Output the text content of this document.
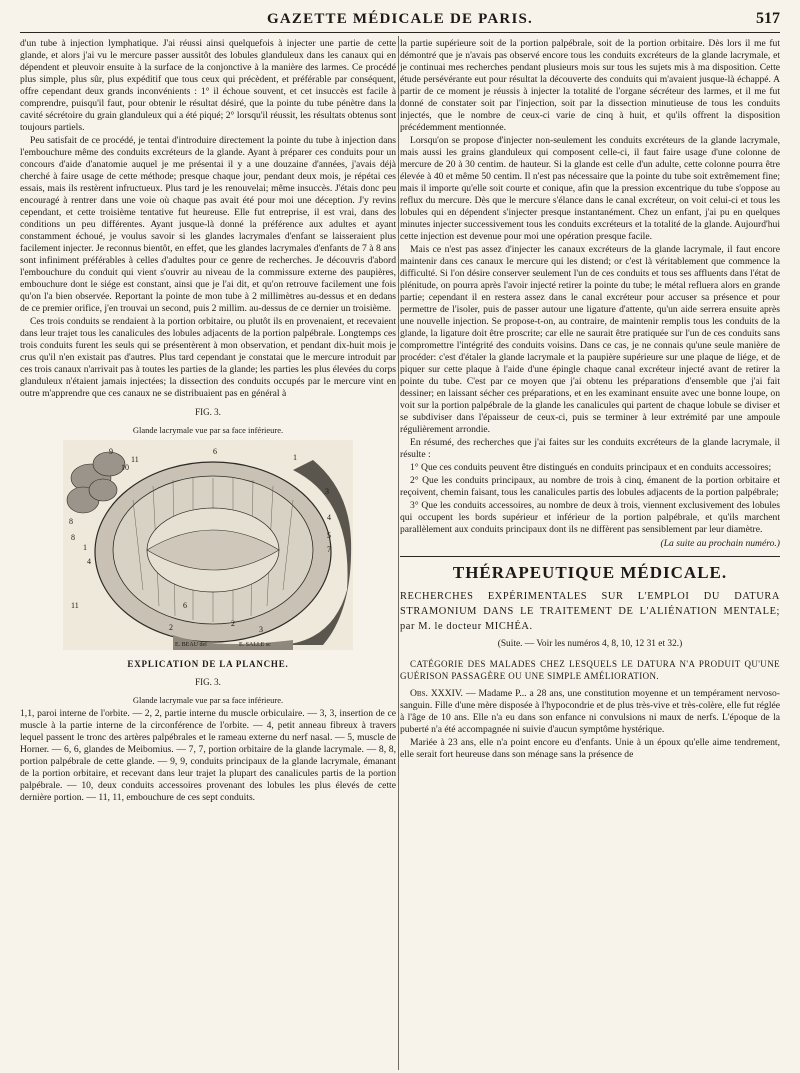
GAZETTE MÉDICALE DE PARIS.	517

d'un tube à injection lymphatique. J'ai réussi ainsi quelquefois à injecter une partie de cette glande, et alors j'ai vu le mercure passer aussitôt des lobules glanduleux dans les canaux qui en dépendent et pleuvoir ensuite à la surface de la conjonctive à la manière des larmes. Ce procédé plus simple, plus sûr, plus expéditif que tous ceux qui précèdent, et préférable par conséquent, offre cependant deux grands inconvénients : 1° il échoue souvent, et cet insuccès est facile à comprendre, puisqu'il faut, pour obtenir le résultat désiré, que la pointe du tube pénètre dans la cavité sécrétoire du grain glanduleux qui a été piqué; 2° lorsqu'il réussit, les résultats obtenus sont toujours partiels.

Peu satisfait de ce procédé, je tentai d'introduire directement la pointe du tube à injection dans l'embouchure même des conduits excréteurs de la glande. Ayant à préparer ces conduits pour un concours d'aide d'anatomie auquel je me présentai il y a une douzaine d'années, j'avais déjà cherché à faire usage de cette méthode; presque chaque jour, pendant deux mois, je répétai ces essais, mais ils restèrent infructueux. Plus tard je les renouvelai; même insuccès. J'étais donc peu encouragé à rentrer dans une voie où chaque pas avait été pour moi une déception. J'y revins cependant, et cette troisième tentative fut heureuse. Elle fut entreprise, il est vrai, dans des conditions un peu différentes. Ayant jusque-là donné la préférence aux adultes et ayant constamment échoué, je voulus savoir si les glandes lacrymales d'enfant se laisseraient plus facilement injecter. Je reconnus bientôt, en effet, que les glandes lacrymales d'enfants de 7 à 8 ans sont infiniment préférables à celles d'adultes pour ce genre de recherches. Je découvris d'abord l'embouchure du conduit qui vient s'ouvrir au niveau de la commissure externe des paupières, embouchure dont le siége est constant, ainsi que je l'ai dit, et qu'on retrouve facilement une fois qu'on l'a bien observée. Reportant la pointe de mon tube à 2 millimètres au-dessus et en dedans de ce premier orifice, j'en trouvai un second, puis 2 millim. au-dessus de ce dernier un troisième.

Ces trois conduits se rendaient à la portion orbitaire, ou plutôt ils en provenaient, et recevaient dans leur trajet tous les canalicules des lobules adjacents de la portion palpébrale. Longtemps ces trois conduits furent les seuls qui se présentèrent à mon observation, et pendant dix-huit mois je crus qu'il n'en existait pas d'autres. Plus tard cependant je constatai que le mercure introduit par ces trois canaux n'arrivait pas à toutes les parties de la glande; les parties les plus élevées du corps glanduleux n'étaient jamais injectées; la dissection des conduits occupés par le mercure vint en outre m'apprendre que ces canaux ne se distribuaient pas en général à

FIG. 3.
Glande lacrymale vue par sa face inférieure.
9
8
10
11
6
1
3
4
5
7
6
2
11
4
1
2
3
8
E. BEAU del	E. SALLE sc
EXPLICATION DE LA PLANCHE.
FIG. 3.
Glande lacrymale vue par sa face inférieure.

1,1, paroi interne de l'orbite. — 2, 2, partie interne du muscle orbiculaire. — 3, 3, insertion de ce muscle à la partie interne de la circonférence de l'orbite. — 4, petit anneau fibreux à travers lequel passent le tronc des artères palpébrales et le rameau externe du nerf nasal. — 5, muscle de Horner. — 6, 6, glandes de Meibomius. — 7, 7, portion orbitaire de la glande lacrymale. — 8, 8, portion palpébrale de cette glande. — 9, 9, conduits principaux de la glande lacrymale, émanant de la portion orbitaire, et recevant dans leur trajet la plupart des canalicules partis de la portion palpébrale. — 10, deux conduits accessoires provenant des lobules les plus élevés de cette dernière portion. — 11, 11, embouchure de ces sept conduits.

la partie supérieure soit de la portion palpébrale, soit de la portion orbitaire. Dès lors il me fut démontré que je n'avais pas observé encore tous les conduits excréteurs de la glande lacrymale, et je continuai mes recherches pendant plusieurs mois sur tous les sujets mis à ma disposition. Cette étude persévérante eut pour résultat la découverte des conduits qui m'avaient jusque-là échappé. A partir de ce moment je réussis à injecter la totalité de l'organe sécréteur des larmes, et il me fut donné de constater soit par l'injection, soit par la dissection minutieuse de tous les conduits injectés, que le nombre de ceux-ci varie de cinq à huit, et qu'ils offrent la disposition précédemment mentionnée.

Lorsqu'on se propose d'injecter non-seulement les conduits excréteurs de la glande lacrymale, mais aussi les grains glanduleux qui composent celle-ci, il faut faire usage d'une colonne de mercure de 20 à 30 centim. de hauteur. Si la glande est celle d'un adulte, cette colonne pourra être élevée à 40 et même 50 centim. Il n'est pas nécessaire que la pointe du tube soit extrêmement fine; mais il importe qu'elle soit courte et conique, afin que la pression excentrique du tube s'oppose au reflux du mercure. Dès que le mercure s'élance dans le canal excréteur, on voit celui-ci et tous les lobules qui en dépendent s'injecter presque instantanément. Chez un enfant, j'ai pu en quelques minutes injecter successivement tous les conduits excréteurs et la totalité de la glande. Aujourd'hui cette injection est devenue pour moi une opération presque facile.

Mais ce n'est pas assez d'injecter les canaux excréteurs de la glande lacrymale, il faut encore maintenir dans ces canaux le mercure qui les distend; or c'est là véritablement que commence la difficulté. Si l'on désire conserver seulement l'un de ces conduits et tous ses affluents dans l'état de plénitude, on pourra après l'avoir injecté retirer la pointe du tube; le métal refluera alors en grande partie; cependant il en restera assez dans le canal excréteur pour accuser sa présence et pour permettre de l'isoler, puis de passer autour une ligature d'attente, qu'un aide serrera ensuite après une nouvelle injection. Se propose-t-on, au contraire, de maintenir remplis tous les conduits de la glande, la ligature doit être proscrite; car elle ne saurait être pratiquée sur l'un de ces conduits sans compromettre l'intégrité des conduits voisins. Dans ce cas, je ne connais qu'une seule manière de procéder: c'est d'étaler la glande lacrymale et la paupière supérieure sur une plaque de liége, et de piquer sur cette plaque à l'aide d'une épingle chaque canal excréteur injecté avant de retirer la pointe du tube. C'est par ce moyen que j'ai obtenu les préparations d'ensemble que j'ai fait dessiner; en laissant sécher ces préparations, et en les examinant ensuite avec une bonne loupe, on voit sur la portion palpébrale de la glande les canalicules qui partent de chaque lobule se diviser et se subdiviser dans l'épaisseur de ceux-ci, puis se terminer à leur extrémité par une ampoule régulièrement arrondie.

En résumé, des recherches que j'ai faites sur les conduits excréteurs de la glande lacrymale, il résulte :

1° Que ces conduits peuvent être distingués en conduits principaux et en conduits accessoires;

2° Que les conduits principaux, au nombre de trois à cinq, émanent de la portion orbitaire et reçoivent, chemin faisant, tous les canalicules partis des lobules adjacents de la portion palpébrale;

3° Que les conduits accessoires, au nombre de deux à trois, viennent exclusivement des lobules qui occupent les bords supérieur et inférieur de la portion palpébrale, et qu'ils marchent parallèlement aux conduits principaux dont ils ne diffèrent pas sensiblement par leur diamètre.

(La suite au prochain numéro.)
THÉRAPEUTIQUE MÉDICALE.
RECHERCHES EXPÉRIMENTALES SUR L'EMPLOI DU DATURA STRAMONIUM DANS LE TRAITEMENT DE L'ALIÉNATION MENTALE; par M. le docteur MICHÉA.
(Suite. — Voir les numéros 4, 8, 10, 12 31 et 32.)
CATÉGORIE DES MALADES CHEZ LESQUELS LE DATURA N'A PRODUIT QU'UNE GUÉRISON PASSAGÈRE OU UNE SIMPLE AMÉLIORATION.

Obs. XXXIV. — Madame P... a 28 ans, une constitution moyenne et un tempérament nervoso-sanguin. Fille d'une mère disposée à l'hypocondrie et de plus très-vive et très-colère, elle fut réglée à l'âge de 10 ans. Elle n'a eu dans son enfance ni convulsions ni maux de nerfs. L'époque de la puberté n'a été accompagnée ni suivie d'aucun symptôme hystérique.

Mariée à 23 ans, elle n'a point encore eu d'enfants. Unie à un époux qu'elle aime tendrement, elle serait fort heureuse dans son ménage sans la présence de
